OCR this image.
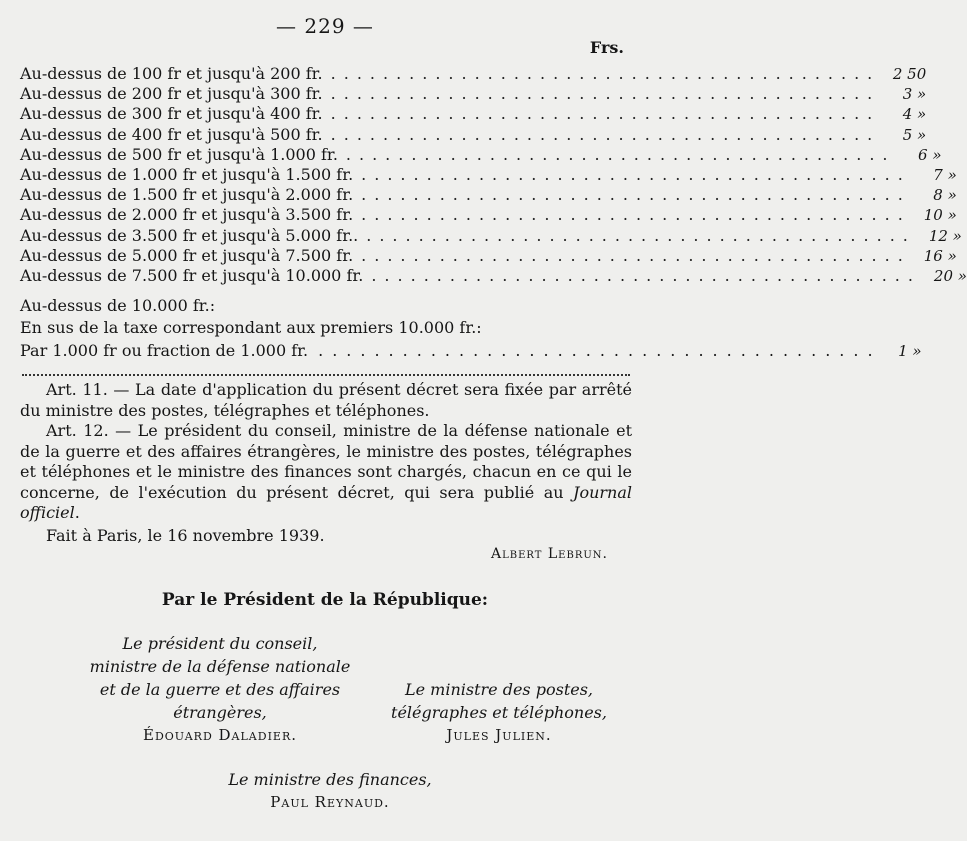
— 229 —
Frs.
Au-dessus de 100 fr et jusqu'à 200 fr. .......................................... 2 50
Au-dessus de 200 fr et jusqu'à 300 fr. ..........................................	3 »
Au-dessus de 300 fr et jusqu'à 400 fr. ..........................................	4 »
Au-dessus de 400 fr et jusqu'à 500 fr. ..........................................	5 »
Au-dessus de 500 fr et jusqu'à 1.000 fr. ..........................................	6 »
Au-dessus de 1.000 fr et jusqu'à 1.500 fr. ..........................................	7 »
Au-dessus de 1.500 fr et jusqu'à 2.000 fr. ..........................................	8 »
Au-dessus de 2.000 fr et jusqu'à 3.500 fr. .......................................... 10 »
Au-dessus de 3.500 fr et jusqu'à 5.000 fr.. .......................................... 12 »
Au-dessus de 5.000 fr et jusqu'à 7.500 fr. .......................................... 16 »
Au-dessus de 7.500 fr et jusqu'à 10.000 fr. .......................................... 20 »
Au-dessus de 10.000 fr.:
En sus de la taxe correspondant aux premiers 10.000 fr.:
Par 1.000 fr ou fraction de 1.000 fr. ........................................	1 »

Art. 11. — La date d'application du présent décret sera fixée par arrêté du ministre des postes, télégraphes et téléphones.

Art. 12. — Le président du conseil, ministre de la défense nationale et de la guerre et des affaires étrangères, le ministre des postes, télégraphes et téléphones et le ministre des finances sont chargés, chacun en ce qui le concerne, de l'exécution du présent décret, qui sera publié au Journal officiel.

Fait à Paris, le 16 novembre 1939.
Albert Lebrun.
Par le Président de la République:
Le président du conseil,
ministre de la défense nationale
et de la guerre et des affaires
étrangères,
Édouard Daladier.
Le ministre des postes,
télégraphes et téléphones,
Jules Julien.
Le ministre des finances,
Paul Reynaud.
